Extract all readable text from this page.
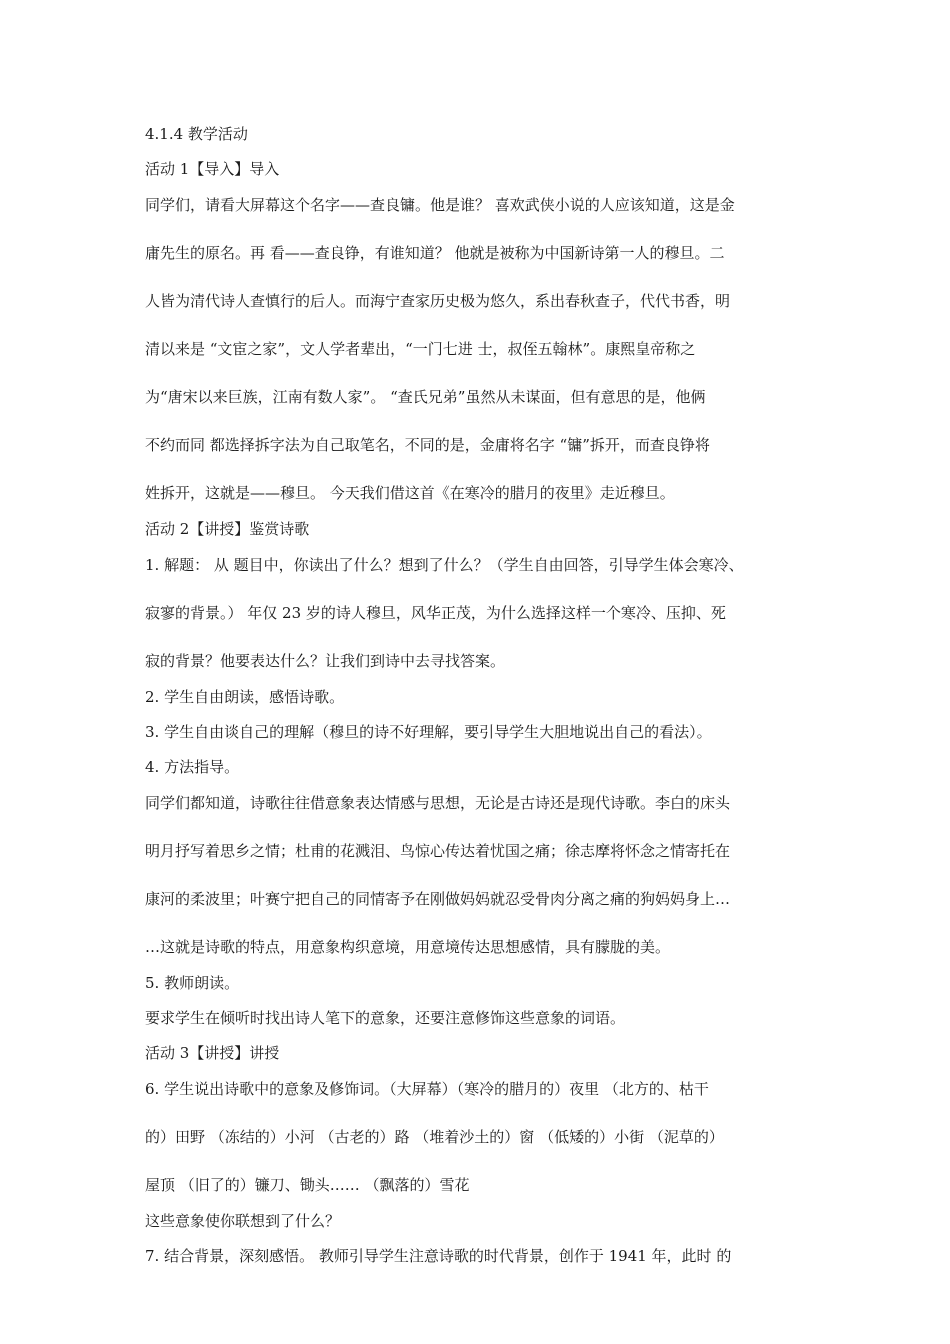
4.1.4 教学活动
活动 1【导入】导入
同学们，请看大屏幕这个名字——查良镛。他是谁？ 喜欢武侠小说的人应该知道，这是金
庸先生的原名。再 看——查良铮，有谁知道？ 他就是被称为中国新诗第一人的穆旦。二
人皆为清代诗人查慎行的后人。而海宁查家历史极为悠久，系出春秋查子，代代书香，明
清以来是 “文宦之家”，文人学者辈出，“一门七进 士，叔侄五翰林”。康熙皇帝称之
为“唐宋以来巨族，江南有数人家”。 “查氏兄弟”虽然从未谋面，但有意思的是，他俩
不约而同 都选择拆字法为自己取笔名，不同的是，金庸将名字 “镛”拆开，而查良铮将
姓拆开，这就是——穆旦。 今天我们借这首《在寒冷的腊月的夜里》走近穆旦。
活动 2【讲授】鉴赏诗歌
1. 解题： 从 题目中，你读出了什么？想到了什么？（学生自由回答，引导学生体会寒冷、
寂寥的背景。） 年仅 23 岁的诗人穆旦，风华正茂，为什么选择这样一个寒冷、压抑、死
寂的背景？他要表达什么？让我们到诗中去寻找答案。
2. 学生自由朗读，感悟诗歌。
3. 学生自由谈自己的理解（穆旦的诗不好理解，要引导学生大胆地说出自己的看法）。
4. 方法指导。
同学们都知道，诗歌往往借意象表达情感与思想，无论是古诗还是现代诗歌。李白的床头
明月抒写着思乡之情；杜甫的花溅泪、鸟惊心传达着忧国之痛；徐志摩将怀念之情寄托在
康河的柔波里；叶赛宁把自己的同情寄予在刚做妈妈就忍受骨肉分离之痛的狗妈妈身上…
…这就是诗歌的特点，用意象构织意境，用意境传达思想感情，具有朦胧的美。
5. 教师朗读。
要求学生在倾听时找出诗人笔下的意象，还要注意修饰这些意象的词语。
活动 3【讲授】讲授
6. 学生说出诗歌中的意象及修饰词。（大屏幕）（寒冷的腊月的）夜里 （北方的、枯干
的）田野 （冻结的）小河 （古老的）路 （堆着沙土的）窗 （低矮的）小街 （泥草的）
屋顶 （旧了的）镰刀、锄头…… （飘落的）雪花
这些意象使你联想到了什么？
7. 结合背景，深刻感悟。 教师引导学生注意诗歌的时代背景，创作于 1941 年，此时 的
